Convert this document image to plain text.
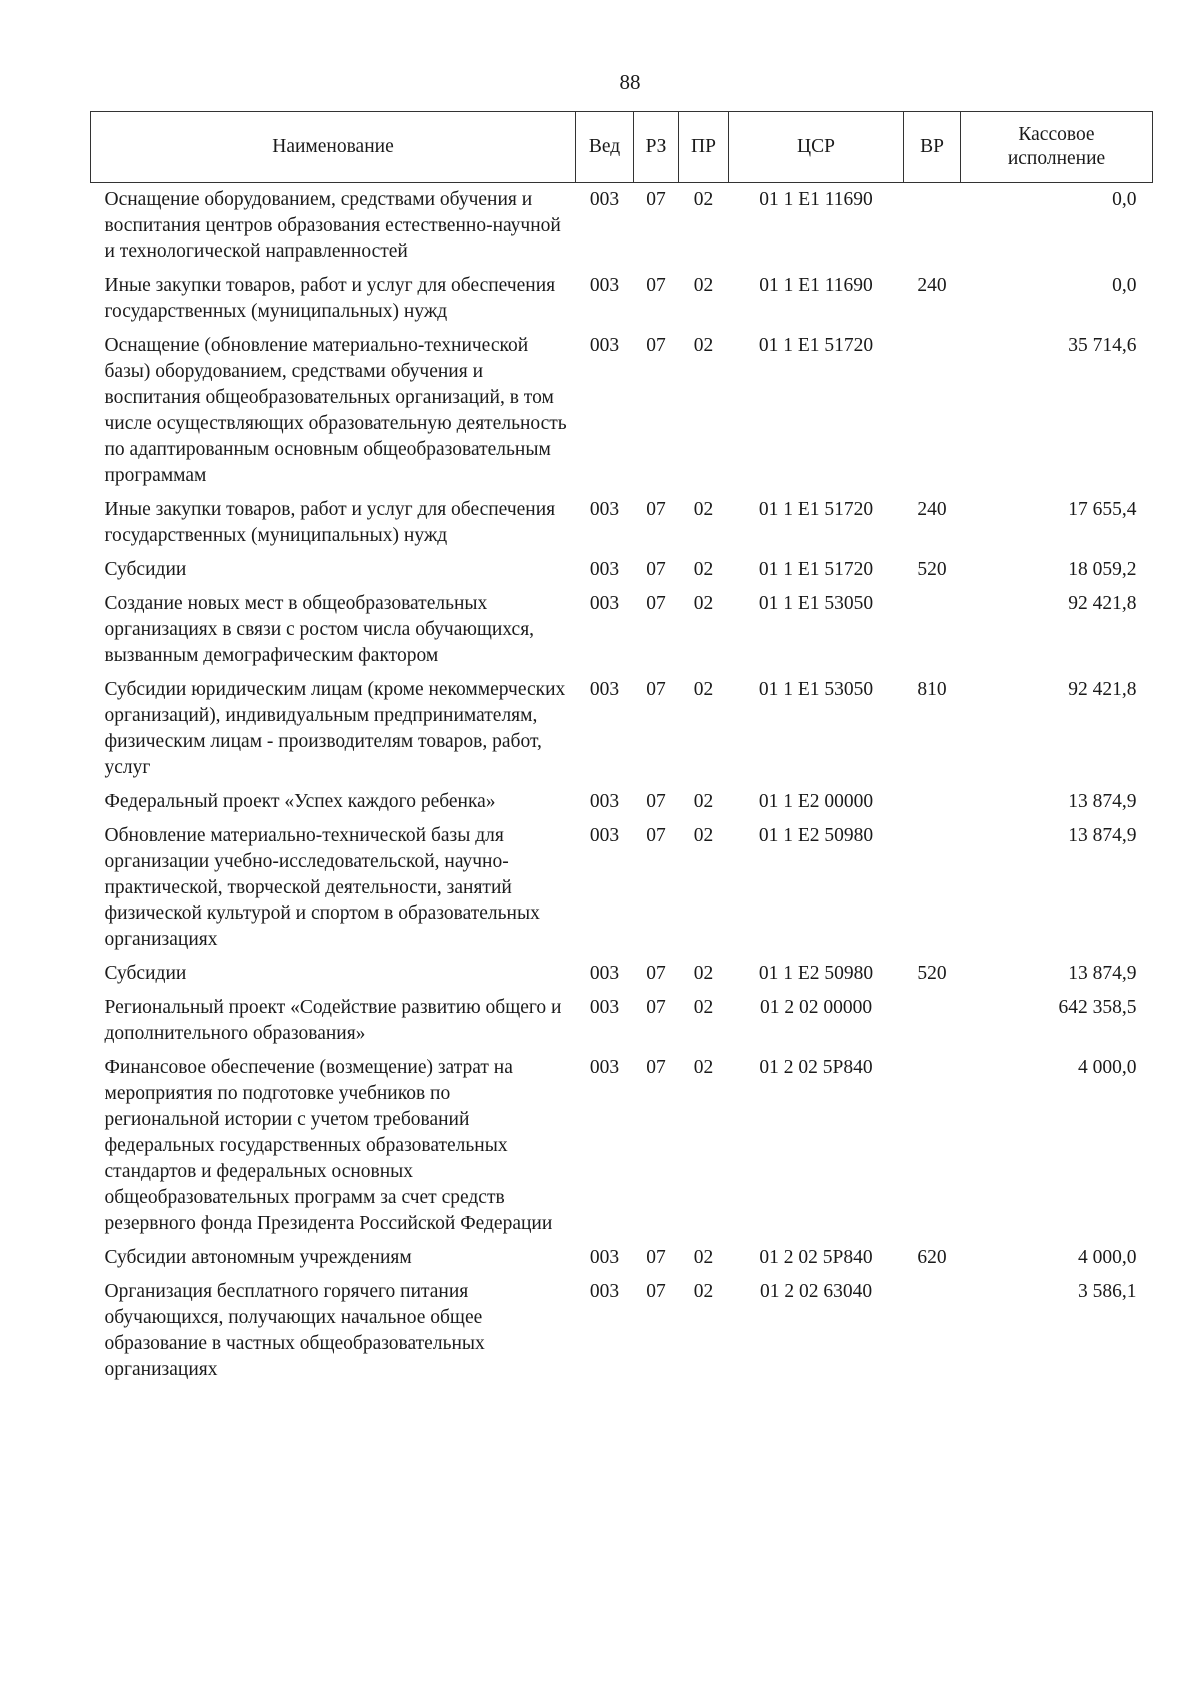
88
Наименование	Вед	РЗ	ПР	ЦСР	ВР	Кассовое
исполнение
Оснащение оборудованием, средствами обучения и воспитания центров образования естественно-научной и технологической направленностей	003	07	02	01 1 E1 11690		0,0
Иные закупки товаров, работ и услуг для обеспечения государственных (муниципальных) нужд	003	07	02	01 1 E1 11690	240	0,0
Оснащение (обновление материально-технической базы) оборудованием, средствами обучения и воспитания общеобразовательных организаций, в том числе осуществляющих образовательную деятельность по адаптированным основным общеобразовательным программам	003	07	02	01 1 E1 51720		35 714,6
Иные закупки товаров, работ и услуг для обеспечения государственных (муниципальных) нужд	003	07	02	01 1 E1 51720	240	17 655,4
Субсидии	003	07	02	01 1 E1 51720	520	18 059,2
Создание новых мест в общеобразовательных организациях в связи с ростом числа обучающихся, вызванным демографическим фактором	003	07	02	01 1 E1 53050		92 421,8
Субсидии юридическим лицам (кроме некоммерческих организаций), индивидуальным предпринимателям, физическим лицам - производителям товаров, работ, услуг	003	07	02	01 1 E1 53050	810	92 421,8
Федеральный проект «Успех каждого ребенка»	003	07	02	01 1 E2 00000		13 874,9
Обновление материально-технической базы для организации учебно-исследовательской, научно-практической, творческой деятельности, занятий физической культурой и спортом в образовательных организациях	003	07	02	01 1 E2 50980		13 874,9
Субсидии	003	07	02	01 1 E2 50980	520	13 874,9
Региональный проект «Содействие развитию общего и дополнительного образования»	003	07	02	01 2 02 00000		642 358,5
Финансовое обеспечение (возмещение) затрат на мероприятия по подготовке учебников по региональной истории с учетом требований федеральных государственных образовательных стандартов и федеральных основных общеобразовательных программ за счет средств резервного фонда Президента Российской Федерации	003	07	02	01 2 02 5P840		4 000,0
Субсидии автономным учреждениям	003	07	02	01 2 02 5P840	620	4 000,0
Организация бесплатного горячего питания обучающихся, получающих начальное общее образование в частных общеобразовательных организациях	003	07	02	01 2 02 63040		3 586,1
